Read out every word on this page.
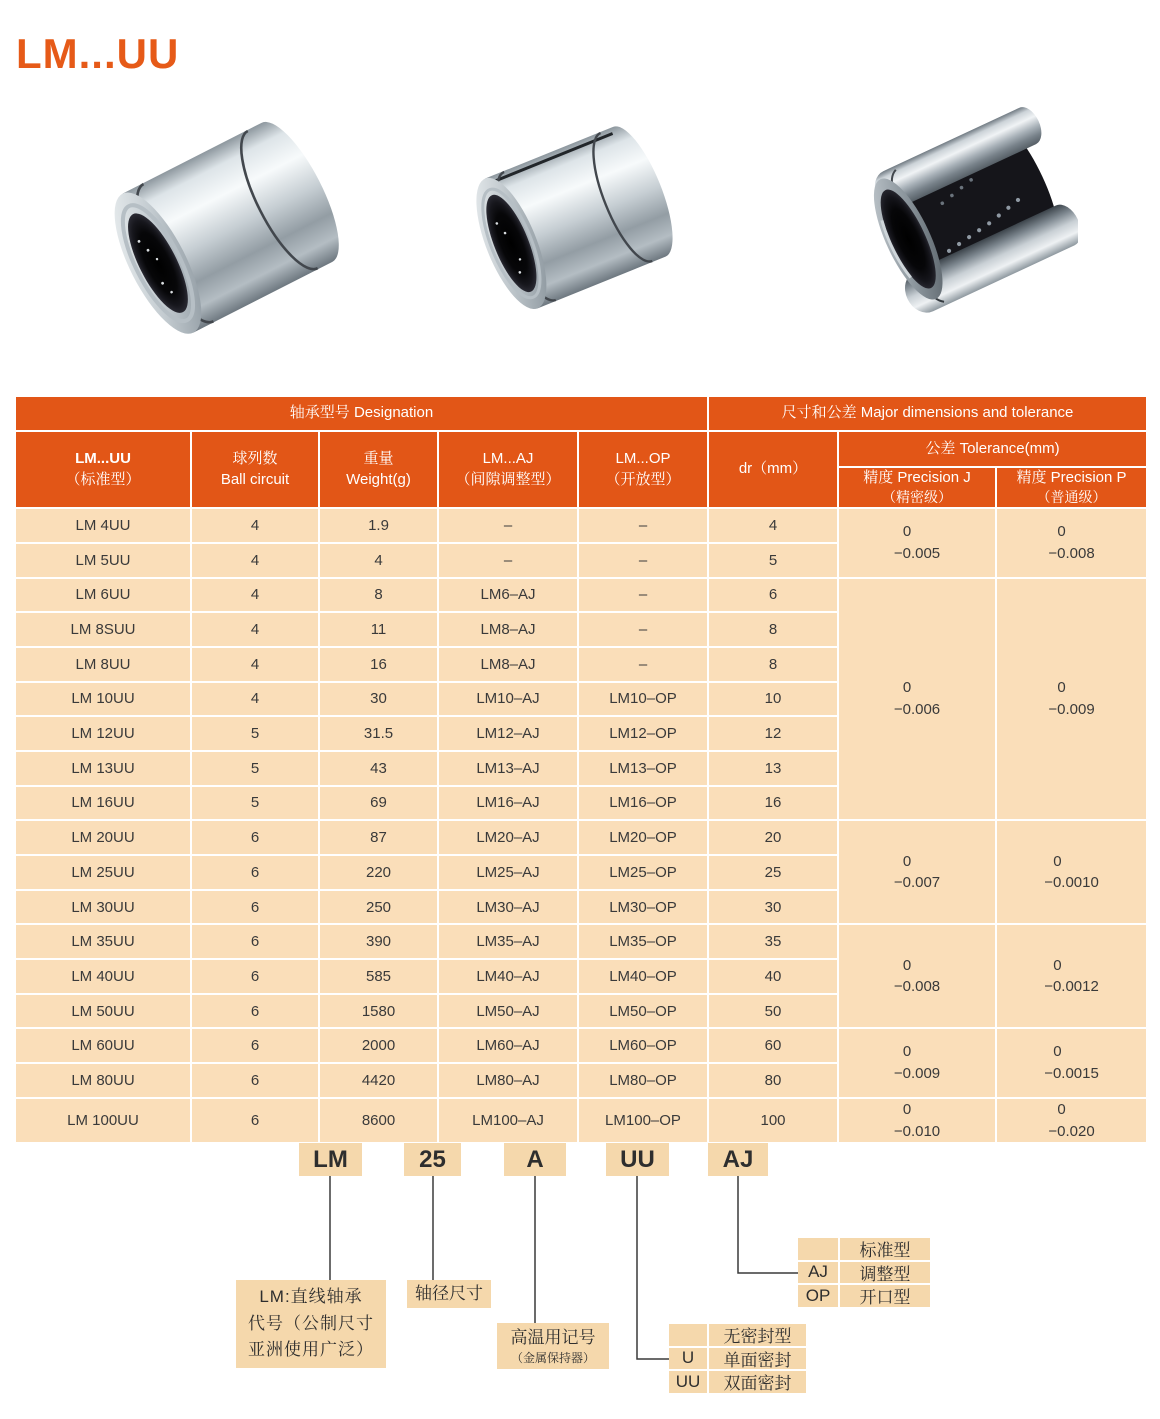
LM...UU
轴承型号 Designation					尺寸和公差 Major dimensions and tolerance		

LM...UU
（标准型）

球列数
Ball circuit

重量
Weight(g)

LM...AJ
（间隙调整型）

LM...OP
（开放型）
	dr（mm）	公差 Tolerance(mm)

精度 Precision J
（精密级）

精度 Precision P
（普通级）

LM 4UU	4	1.9	–	–	4	0
−0.005	0
−0.008

LM 5UU	4	4	–	–	5		
LM 6UU	4	8	LM6–AJ	–	6	0
−0.006	0
−0.009

LM 8SUU	4	11	LM8–AJ	–	8		
LM 8UU	4	16	LM8–AJ	–	8		
LM 10UU	4	30	LM10–AJ	LM10–OP	10		
LM 12UU	5	31.5	LM12–AJ	LM12–OP	12		
LM 13UU	5	43	LM13–AJ	LM13–OP	13		
LM 16UU	5	69	LM16–AJ	LM16–OP	16		
LM 20UU	6	87	LM20–AJ	LM20–OP	20	0
−0.007	0
−0.0010

LM 25UU	6	220	LM25–AJ	LM25–OP	25		
LM 30UU	6	250	LM30–AJ	LM30–OP	30		
LM 35UU	6	390	LM35–AJ	LM35–OP	35	0
−0.008	0
−0.0012

LM 40UU	6	585	LM40–AJ	LM40–OP	40		
LM 50UU	6	1580	LM50–AJ	LM50–OP	50		
LM 60UU	6	2000	LM60–AJ	LM60–OP	60	0
−0.009	0
−0.0015

LM 80UU	6	4420	LM80–AJ	LM80–OP	80		
LM 100UU	6	8600	LM100–AJ	LM100–OP	100	0
−0.010	0
−0.020
LM	25	A	UU	AJ
LM:直线轴承
代号（公制尺寸
亚洲使用广泛）
轴径尺寸
高温用记号
（金属保持器）
无密封型
U	单面密封
UU	双面密封
标准型
AJ	调整型
OP	开口型
